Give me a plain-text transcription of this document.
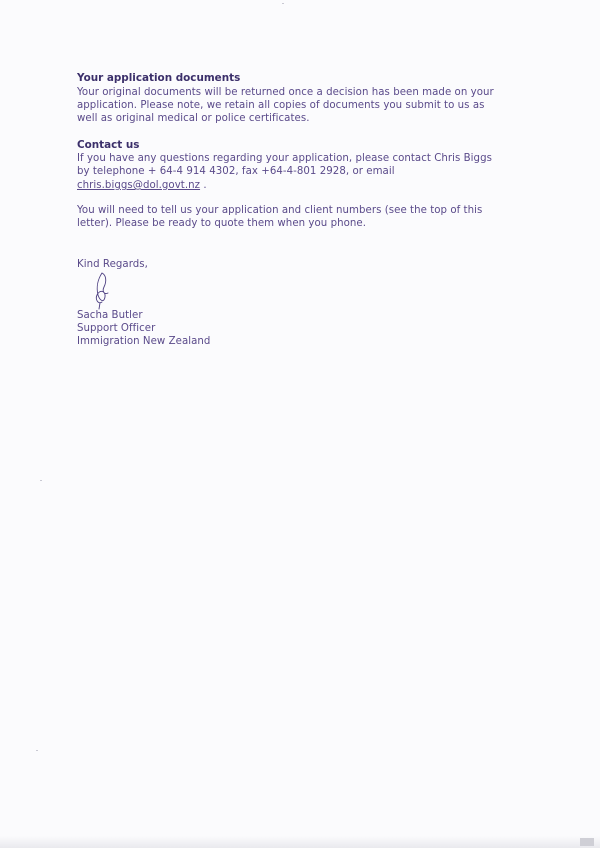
Your application documents
Your original documents will be returned once a decision has been made on your
application. Please note, we retain all copies of documents you submit to us as
well as original medical or police certificates.
Contact us
If you have any questions regarding your application, please contact Chris Biggs
by telephone + 64-4 914 4302, fax +64-4-801 2928, or email
chris.biggs@dol.govt.nz .
You will need to tell us your application and client numbers (see the top of this
letter). Please be ready to quote them when you phone.
Kind Regards,
Sacha Butler
Support Officer
Immigration New Zealand
